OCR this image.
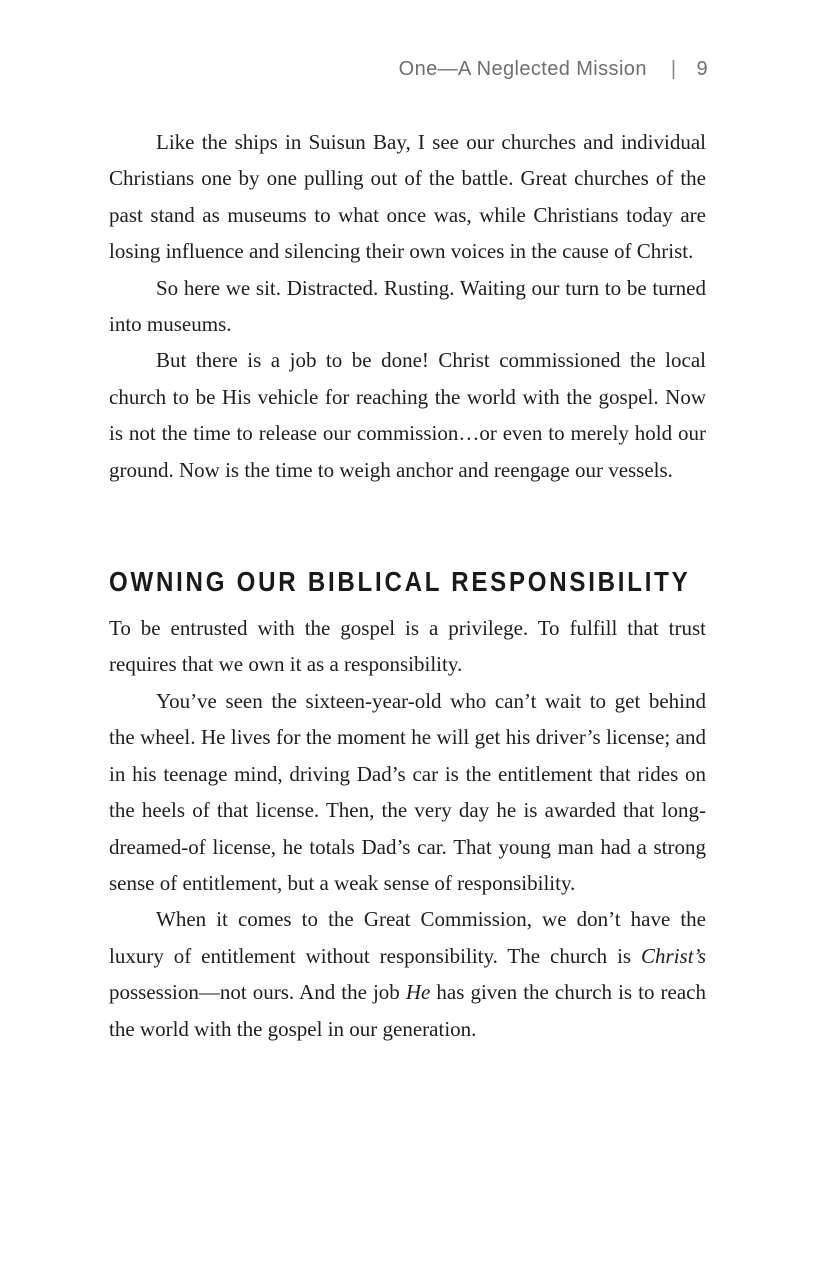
One—A Neglected Mission | 9

Like the ships in Suisun Bay, I see our churches and individual Christians one by one pulling out of the battle. Great churches of the past stand as museums to what once was, while Christians today are losing influence and silencing their own voices in the cause of Christ.

So here we sit. Distracted. Rusting. Waiting our turn to be turned into museums.

But there is a job to be done! Christ commissioned the local church to be His vehicle for reaching the world with the gospel. Now is not the time to release our commission…or even to merely hold our ground. Now is the time to weigh anchor and reengage our vessels.

OWNING OUR BIBLICAL RESPONSIBILITY

To be entrusted with the gospel is a privilege. To fulfill that trust requires that we own it as a responsibility.

You’ve seen the sixteen-year-old who can’t wait to get behind the wheel. He lives for the moment he will get his driver’s license; and in his teenage mind, driving Dad’s car is the entitlement that rides on the heels of that license. Then, the very day he is awarded that long-dreamed-of license, he totals Dad’s car. That young man had a strong sense of entitlement, but a weak sense of responsibility.

When it comes to the Great Commission, we don’t have the luxury of entitlement without responsibility. The church is Christ’s possession—not ours. And the job He has given the church is to reach the world with the gospel in our generation.
